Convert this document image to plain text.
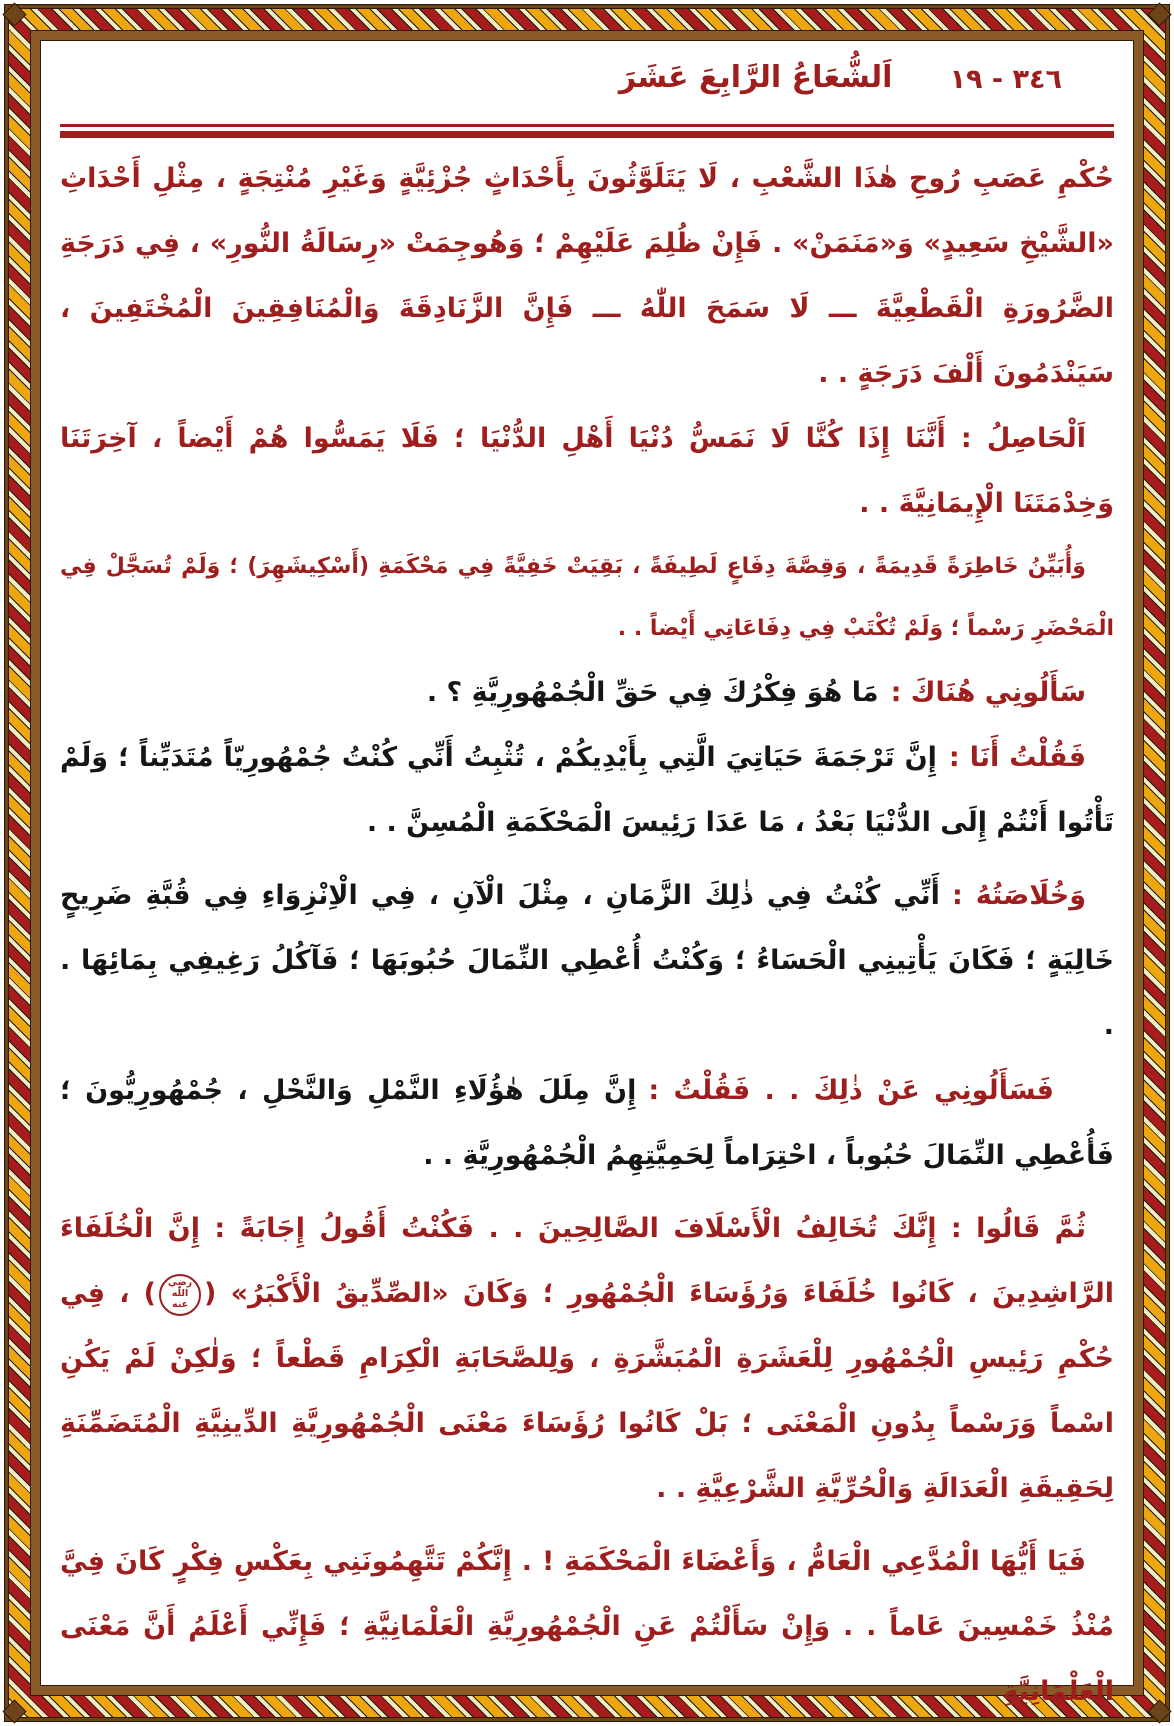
٣٤٦ - ١٩
اَلشُّعَاعُ الرَّابِعَ عَشَرَ

حُكْمِ عَصَبِ رُوحِ هٰذَا الشَّعْبِ ، لَا يَتَلَوَّثُونَ بِأَحْدَاثٍ جُزْئِيَّةٍ وَغَيْرِ مُنْتِجَةٍ ، مِثْلِ أَحْدَاثِ «الشَّيْخِ سَعِيدٍ» وَ«مَنَمَنْ» . فَإِنْ ظُلِمَ عَلَيْهِمْ ؛ وَهُوجِمَتْ «رِسَالَةُ النُّورِ» ، فِي دَرَجَةِ الضَّرُورَةِ الْقَطْعِيَّةَ ـــ لَا سَمَحَ اللّٰهُ ـــ فَإِنَّ الزَّنَادِقَةَ وَالْمُنَافِقِينَ الْمُخْتَفِينَ ، سَيَنْدَمُونَ أَلْفَ دَرَجَةٍ . .

اَلْحَاصِلُ : أَنَّنَا إِذَا كُنَّا لَا نَمَسُّ دُنْيَا أَهْلِ الدُّنْيَا ؛ فَلَا يَمَسُّوا هُمْ أَيْضاً ، آخِرَتَنَا وَخِدْمَتَنَا الْإِيمَانِيَّةَ . .

وَأُبَيِّنُ خَاطِرَةً قَدِيمَةً ، وَقِصَّةَ دِفَاعٍ لَطِيفَةً ، بَقِيَتْ خَفِيَّةً فِي مَحْكَمَةِ (أَسْكِيشَهِرَ) ؛ وَلَمْ تُسَجَّلْ فِي الْمَحْضَرِ رَسْماً ؛ وَلَمْ تُكْتَبْ فِي دِفَاعَاتِي أَيْضاً . .

سَأَلُونِي هُنَاكَ :مَا هُوَ فِكْرُكَ فِي حَقِّ الْجُمْهُورِيَّةِ ؟ .

فَقُلْتُ أَنَا :إِنَّ تَرْجَمَةَ حَيَاتِيَ الَّتِي بِأَيْدِيكُمْ ، تُثْبِتُ أَنِّي كُنْتُ جُمْهُورِيّاً مُتَدَيِّناً ؛ وَلَمْ تَأْتُوا أَنْتُمْ إِلَى الدُّنْيَا بَعْدُ ، مَا عَدَا رَئِيسَ الْمَحْكَمَةِ الْمُسِنَّ . .

وَخُلَاصَتُهُ :أَنِّي كُنْتُ فِي ذٰلِكَ الزَّمَانِ ، مِثْلَ الْآنِ ، فِي الْاِنْزِوَاءِ فِي قُبَّةِ ضَرِيحٍ خَالِيَةٍ ؛ فَكَانَ يَأْتِينِي الْحَسَاءُ ؛ وَكُنْتُ أُعْطِي النِّمَالَ حُبُوبَهَا ؛ فَآكُلُ رَغِيفِي بِمَائِهَا . .

فَسَأَلُونِي عَنْ ذٰلِكَ . . فَقُلْتُ :إِنَّ مِلَلَ هٰؤُلَاءِ النَّمْلِ وَالنَّحْلِ ، جُمْهُورِيُّونَ ؛ فَأُعْطِي النِّمَالَ حُبُوباً ، احْتِرَاماً لِحَمِيَّتِهِمُ الْجُمْهُورِيَّةِ . .

ثُمَّ قَالُوا : إِنَّكَ تُخَالِفُ الْأَسْلَافَ الصَّالِحِينَ . . فَكُنْتُ أَقُولُ إِجَابَةً : إِنَّ الْخُلَفَاءَ الرَّاشِدِينَ ، كَانُوا خُلَفَاءَ وَرُؤَسَاءَ الْجُمْهُورِ ؛ وَكَانَ «الصِّدِّيقُ الْأَكْبَرُ» (رضي اللّٰه عنه) ، فِي حُكْمِ رَئِيسِ الْجُمْهُورِ لِلْعَشَرَةِ الْمُبَشَّرَةِ ، وَلِلصَّحَابَةِ الْكِرَامِ قَطْعاً ؛ وَلٰكِنْ لَمْ يَكُنِ اسْماً وَرَسْماً بِدُونِ الْمَعْنَى ؛ بَلْ كَانُوا رُؤَسَاءَ مَعْنَى الْجُمْهُورِيَّةِ الدِّينِيَّةِ الْمُتَضَمِّنَةِ لِحَقِيقَةِ الْعَدَالَةِ وَالْحُرِّيَّةِ الشَّرْعِيَّةِ . .

فَيَا أَيُّهَا الْمُدَّعِي الْعَامُّ ، وَأَعْضَاءَ الْمَحْكَمَةِ ! . إِنَّكُمْ تَتَّهِمُونَنِي بِعَكْسِ فِكْرٍ كَانَ فِيَّ مُنْذُ خَمْسِينَ عَاماً . . وَإِنْ سَأَلْتُمْ عَنِ الْجُمْهُورِيَّةِ الْعَلْمَانِيَّةِ ؛ فَإِنِّي أَعْلَمُ أَنَّ مَعْنَى الْعَلْمَانِيَّةِ
